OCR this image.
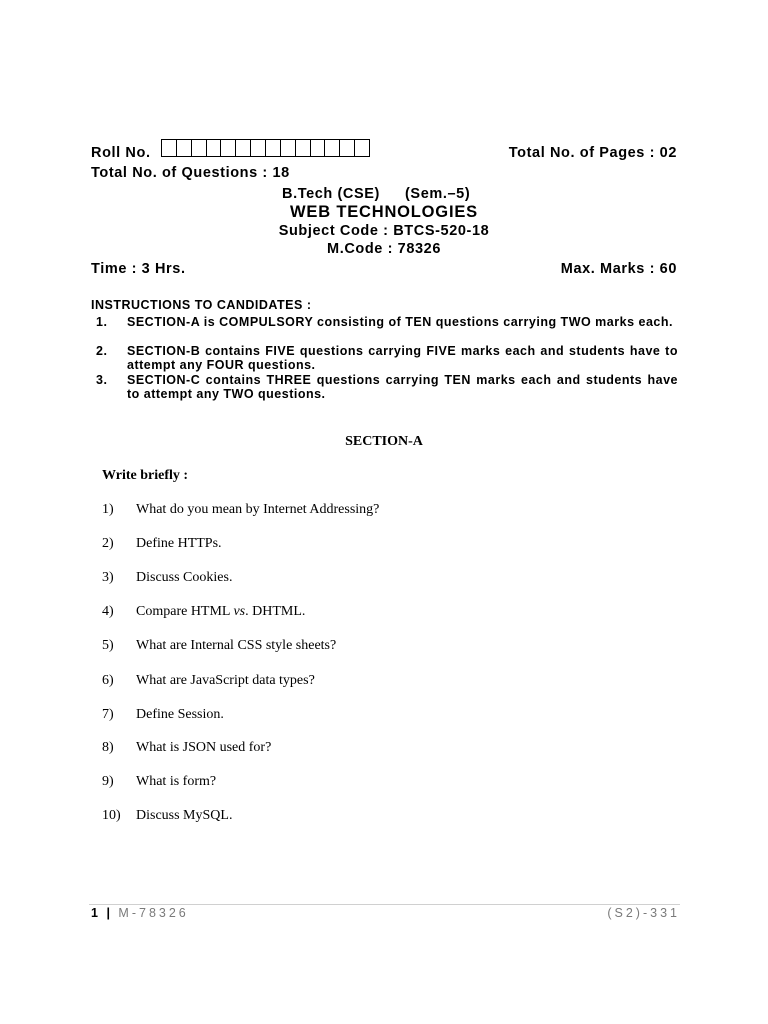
Roll No.	Total No. of Pages : 02
Total No. of Questions : 18
B.Tech (CSE) (Sem.–5)
WEB TECHNOLOGIES
Subject Code : BTCS-520-18
M.Code : 78326
Time : 3 Hrs.	Max. Marks : 60
INSTRUCTIONS TO CANDIDATES :
1. SECTION-A is COMPULSORY consisting of TEN questions carrying TWO marks each.
2. SECTION-B contains FIVE questions carrying FIVE marks each and students have to attempt any FOUR questions.
3. SECTION-C contains THREE questions carrying TEN marks each and students have to attempt any TWO questions.
SECTION-A
Write briefly :
1) What do you mean by Internet Addressing?
2) Define HTTPs.
3) Discuss Cookies.
4) Compare HTML vs. DHTML.
5) What are Internal CSS style sheets?
6) What are JavaScript data types?
7) Define Session.
8) What is JSON used for?
9) What is form?
10) Discuss MySQL.
1 | M-78326	(S2)-331
